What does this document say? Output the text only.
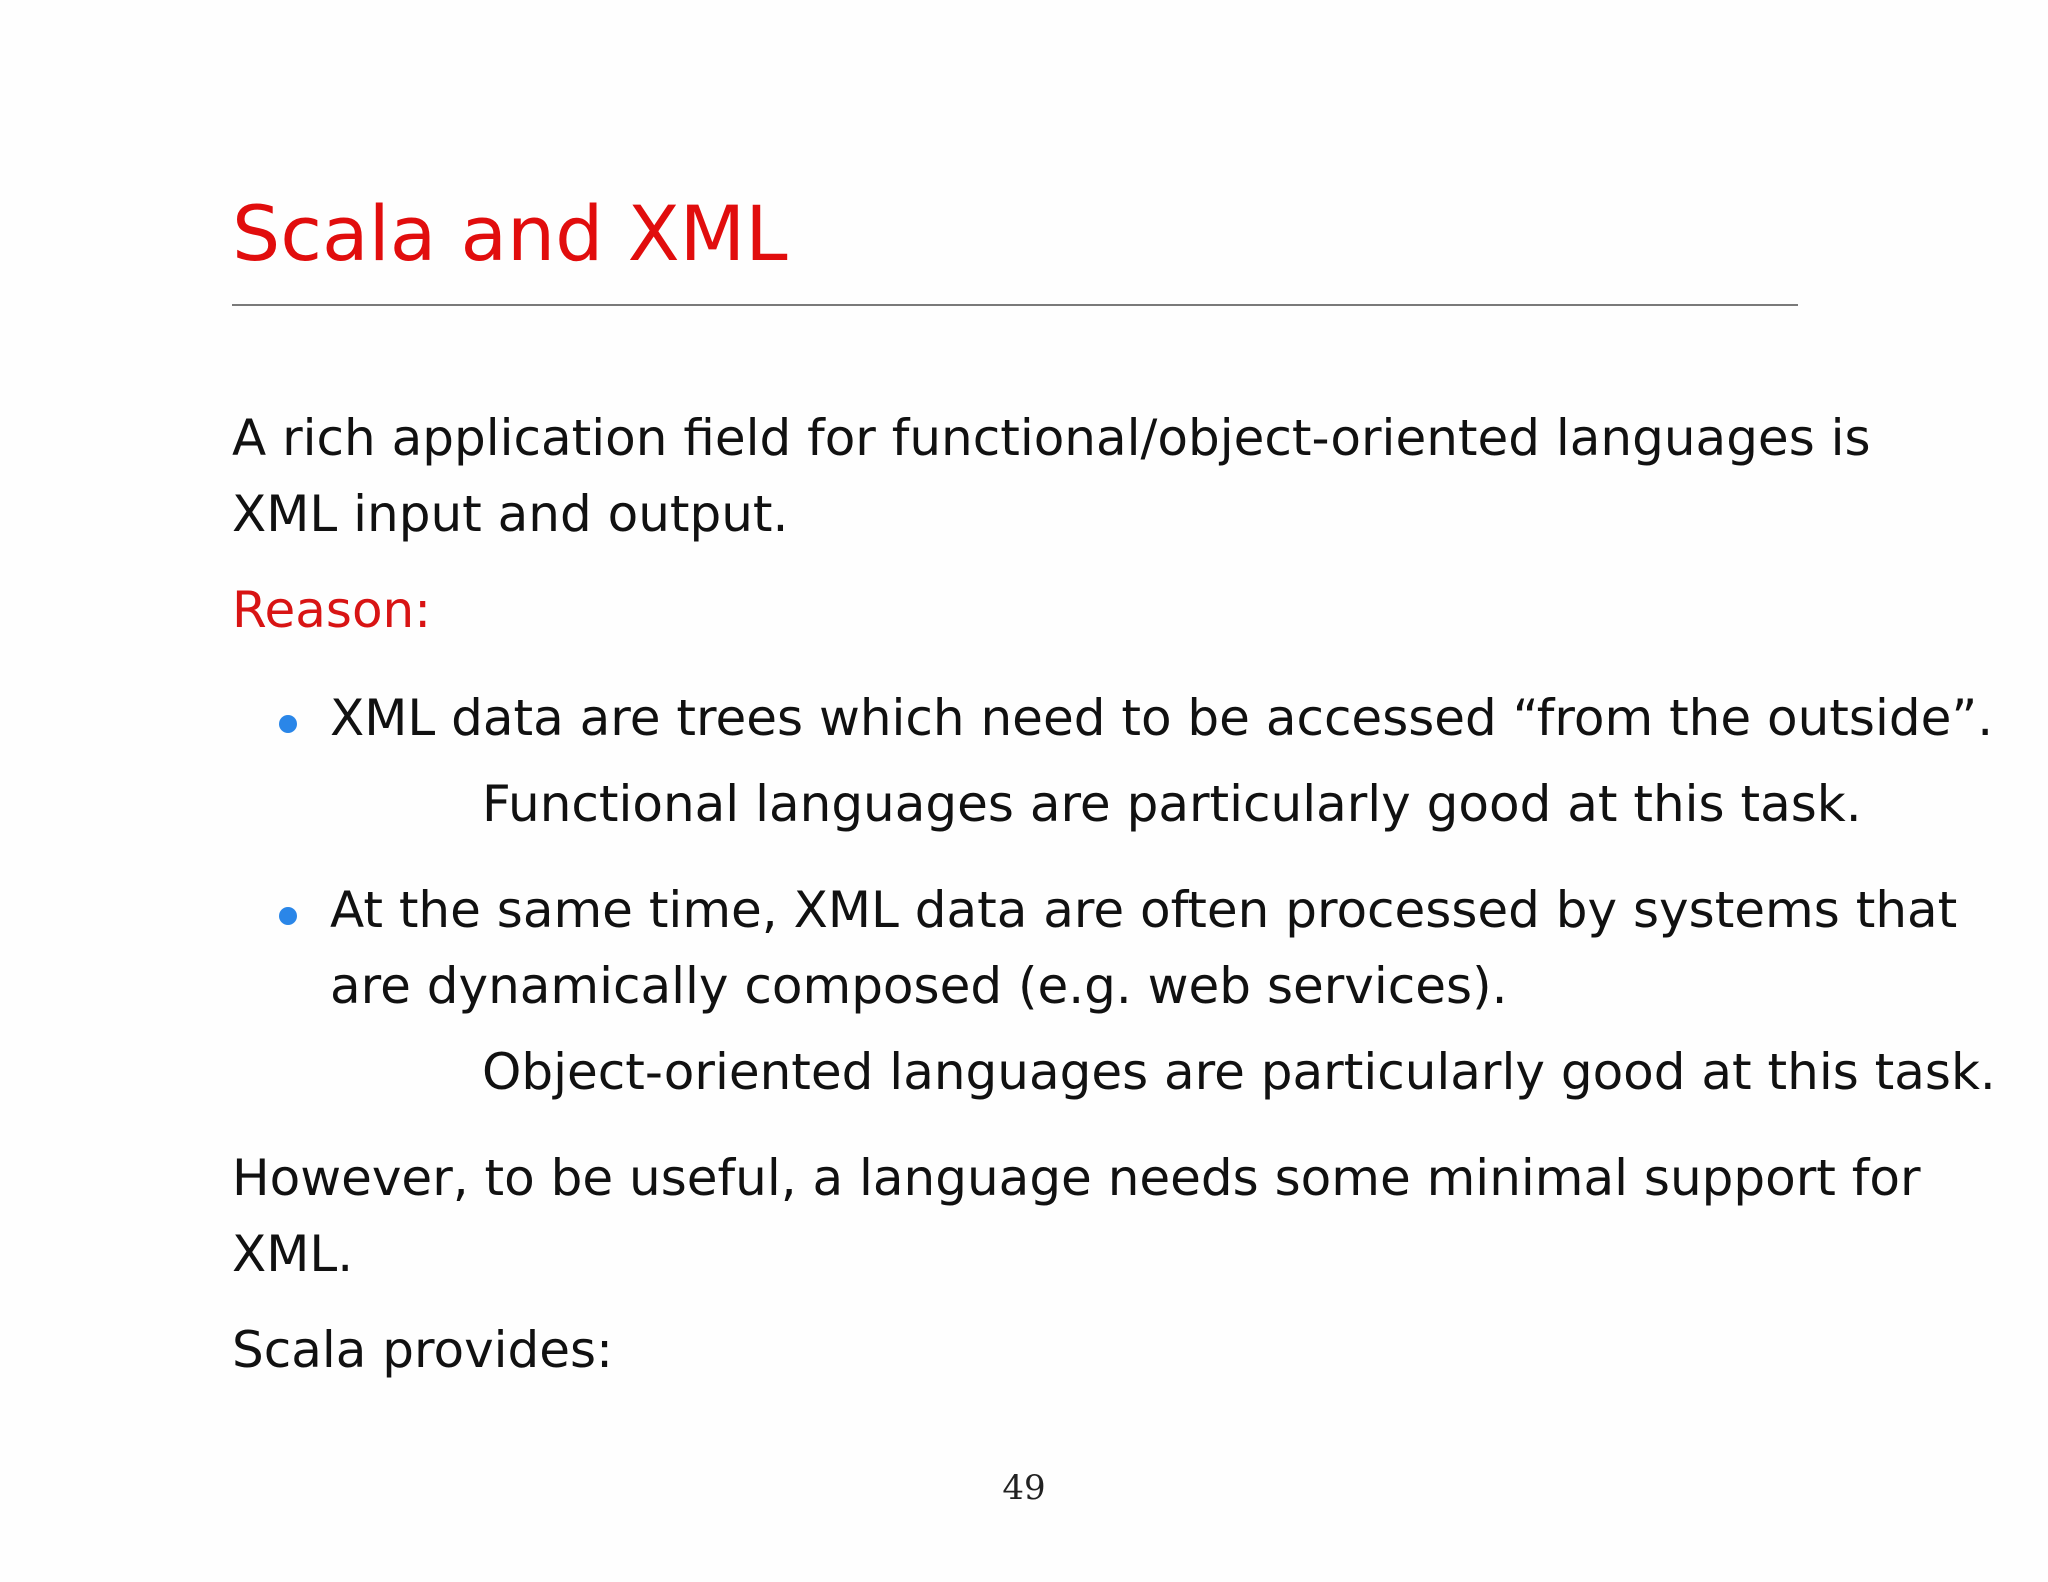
Scala and XML
A rich application field for functional/object-oriented languages is
XML input and output.
Reason:
XML data are trees which need to be accessed “from the outside”.
Functional languages are particularly good at this task.
At the same time, XML data are often processed by systems that
are dynamically composed (e.g. web services).
Object-oriented languages are particularly good at this task.
However, to be useful, a language needs some minimal support for
XML.
Scala provides:
49
